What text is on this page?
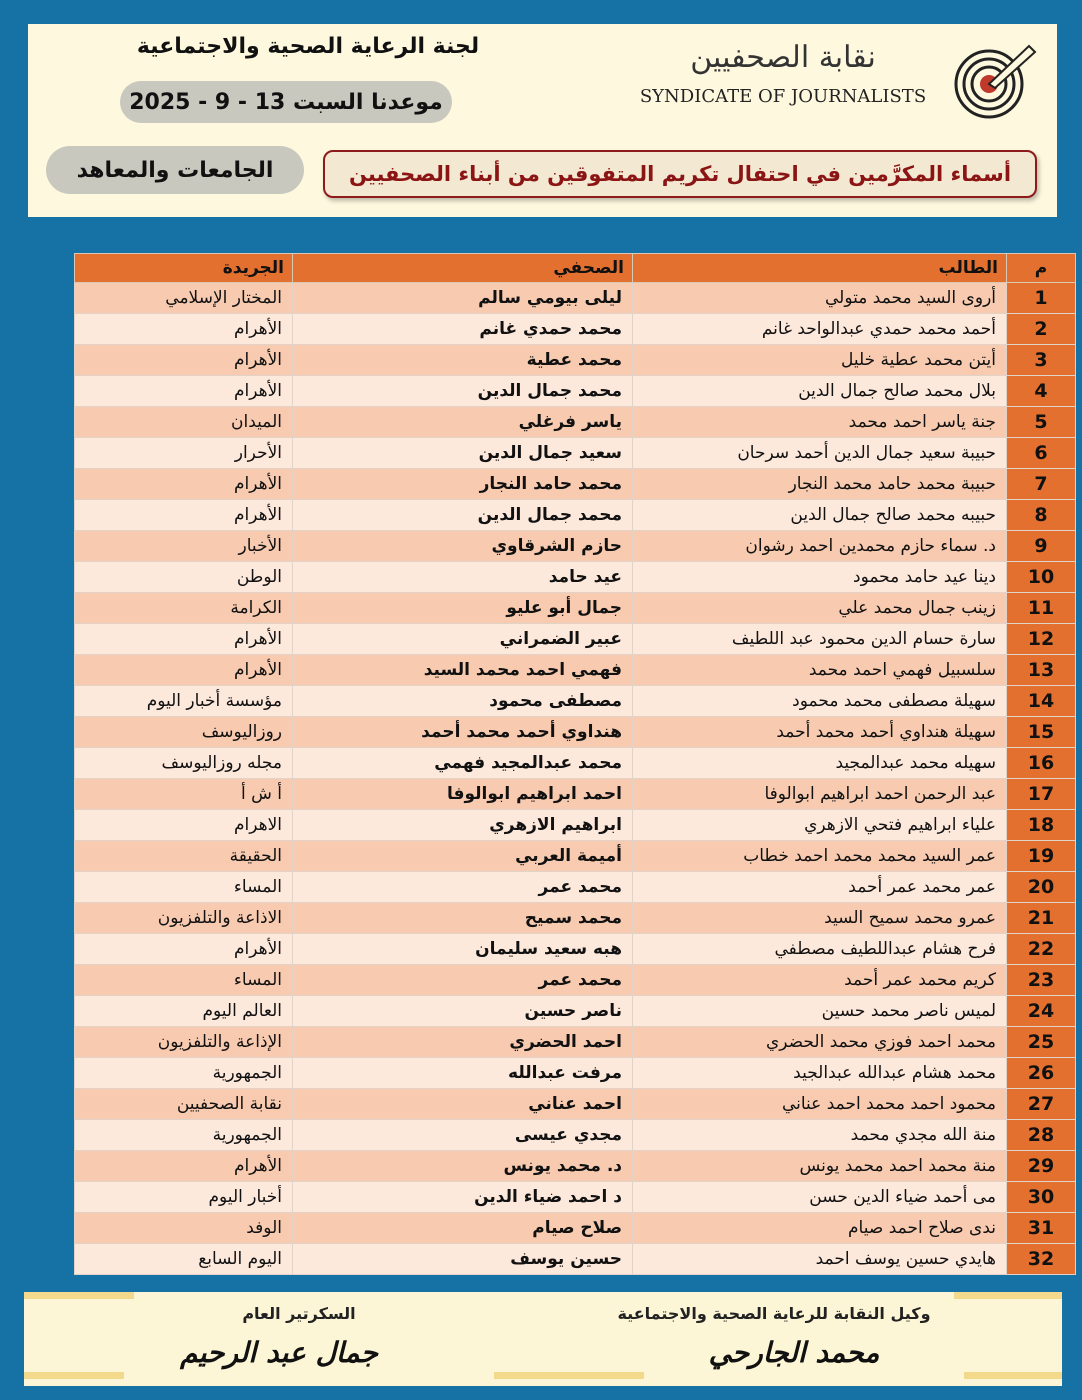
لجنة الرعاية الصحية والاجتماعية
موعدنا السبت 13 - 9 - 2025
الجامعات والمعاهد	أسماء المكرَّمين في احتفال تكريم المتفوقين من أبناء الصحفيين
نقابة الصحفيين
SYNDICATE OF JOURNALISTS
م	الطالب	الصحفي	الجريدة
1	أروى السيد محمد متولي	ليلى بيومي سالم	المختار الإسلامي
2	أحمد محمد حمدي عبدالواحد غانم	محمد حمدي غانم	الأهرام
3	أيتن محمد عطية خليل	محمد عطية	الأهرام
4	بلال محمد صالح جمال الدين	محمد جمال الدين	الأهرام
5	جنة ياسر احمد محمد	ياسر فرغلي	الميدان
6	حبيبة سعيد جمال الدين أحمد سرحان	سعيد جمال الدين	الأحرار
7	حبيبة محمد حامد محمد النجار	محمد حامد النجار	الأهرام
8	حبيبه محمد صالح جمال الدين	محمد جمال الدين	الأهرام
9	د. سماء حازم محمدين احمد رشوان	حازم الشرقاوي	الأخبار
10	دينا عيد حامد محمود	عيد حامد	الوطن
11	زينب جمال محمد علي	جمال أبو عليو	الكرامة
12	سارة حسام الدين محمود عبد اللطيف	عبير الضمراني	الأهرام
13	سلسبيل فهمي احمد محمد	فهمي احمد محمد السيد	الأهرام
14	سهيلة مصطفى محمد محمود	مصطفى محمود	مؤسسة أخبار اليوم
15	سهيلة هنداوي أحمد محمد أحمد	هنداوي أحمد محمد أحمد	روزاليوسف
16	سهيله محمد عبدالمجيد	محمد عبدالمجيد فهمي	مجله روزاليوسف
17	عبد الرحمن احمد ابراهيم ابوالوفا	احمد ابراهيم ابوالوفا	أ ش أ
18	علياء ابراهيم فتحي الازهري	ابراهيم الازهري	الاهرام
19	عمر السيد محمد محمد احمد خطاب	أميمة العربي	الحقيقة
20	عمر محمد عمر أحمد	محمد عمر	المساء
21	عمرو محمد سميح السيد	محمد سميح	الاذاعة والتلفزيون
22	فرح هشام عبداللطيف مصطفي	هبه سعيد سليمان	الأهرام
23	كريم محمد عمر أحمد	محمد عمر	المساء
24	لميس ناصر محمد حسين	ناصر حسين	العالم اليوم
25	محمد احمد فوزي محمد الحضري	احمد الحضري	الإذاعة والتلفزيون
26	محمد هشام عبدالله عبدالجيد	مرفت عبدالله	الجمهورية
27	محمود احمد محمد احمد عناني	احمد عناني	نقابة الصحفيين
28	منة الله مجدي محمد	مجدي عيسى	الجمهورية
29	منة محمد احمد محمد يونس	د. محمد يونس	الأهرام
30	مى أحمد ضياء الدين حسن	د احمد ضياء الدين	أخبار اليوم
31	ندى صلاح احمد صيام	صلاح صيام	الوفد
32	هايدي حسين يوسف احمد	حسين يوسف	اليوم السابع
السكرتير العام	وكيل النقابة للرعاية الصحية والاجتماعية
جمال عبد الرحيم	محمد الجارحي
